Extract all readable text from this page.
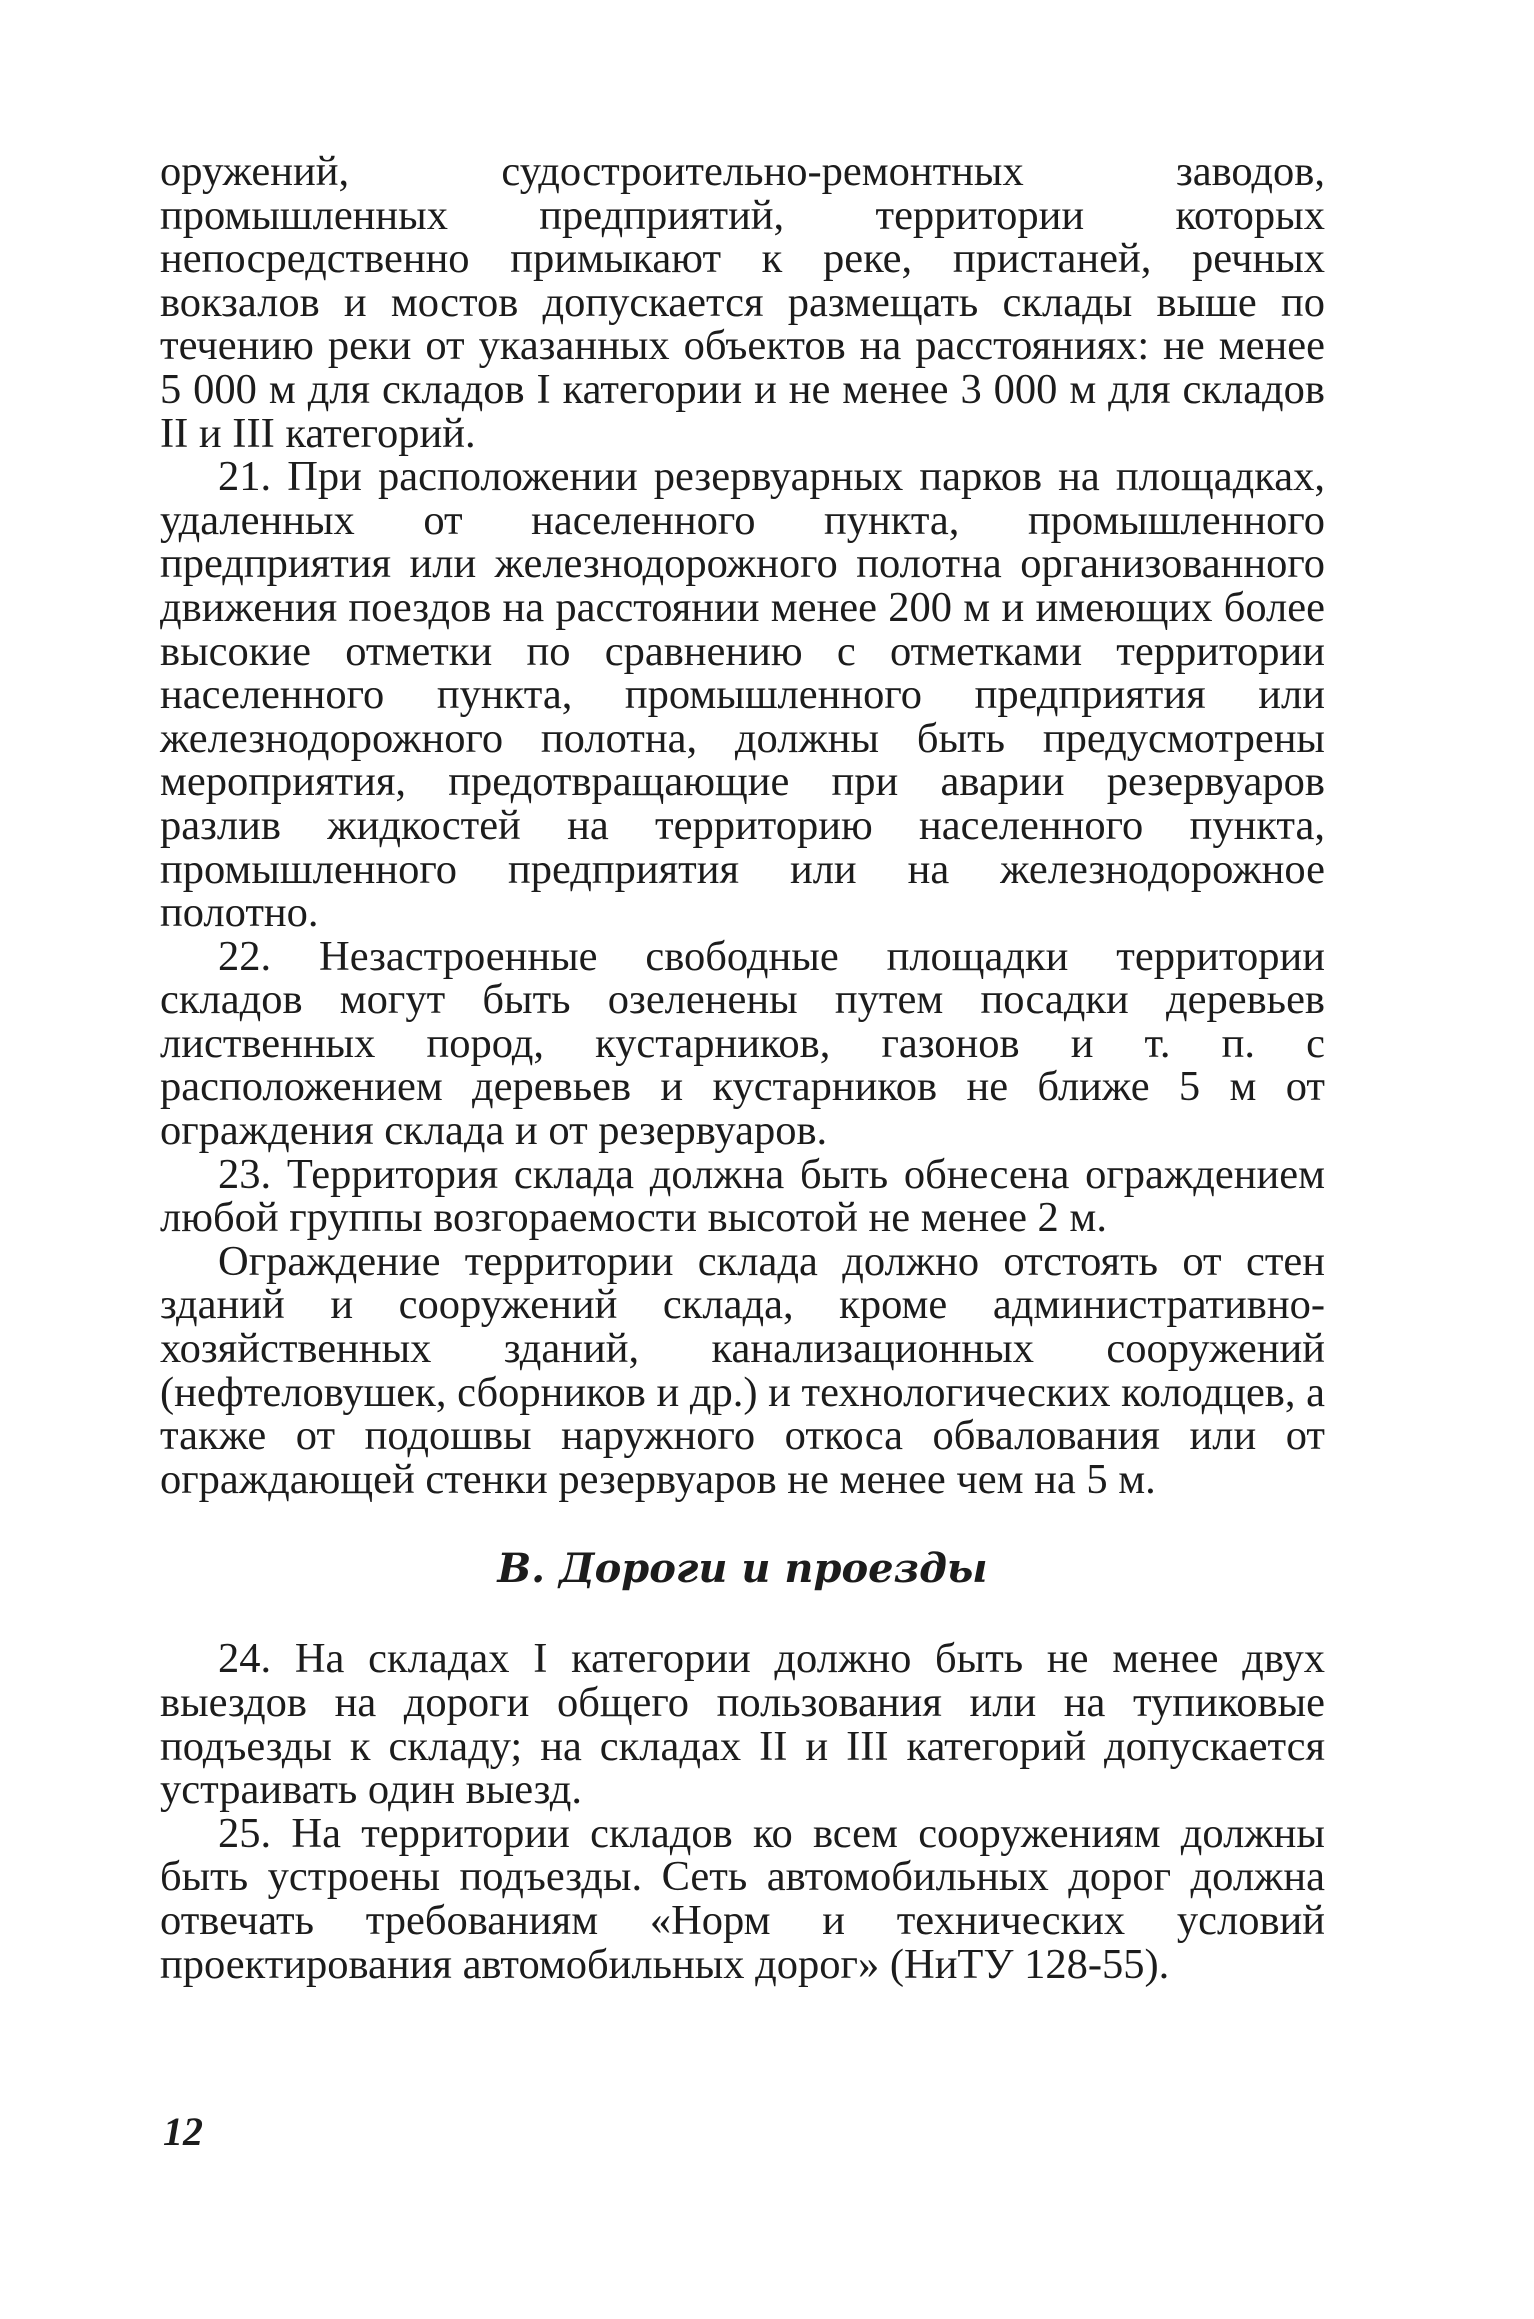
оружений, судостроительно-ремонтных заводов, промышленных предприятий, территории которых непосредственно примыкают к реке, пристаней, речных вокзалов и мостов допускается размещать склады выше по течению реки от указанных объектов на расстояниях: не менее 5 000 м для складов I категории и не менее 3 000 м для складов II и III категорий.

21. При расположении резервуарных парков на площадках, удаленных от населенного пункта, промышленного предприятия или железнодорожного полотна организованного движения поездов на расстоянии менее 200 м и имеющих более высокие отметки по сравнению с отметками территории населенного пункта, промышленного предприятия или железнодорожного полотна, должны быть предусмотрены мероприятия, предотвращающие при аварии резервуаров разлив жидкостей на территорию населенного пункта, промышленного предприятия или на железнодорожное полотно.

22. Незастроенные свободные площадки территории складов могут быть озеленены путем посадки деревьев лиственных пород, кустарников, газонов и т. п. с расположением деревьев и кустарников не ближе 5 м от ограждения склада и от резервуаров.

23. Территория склада должна быть обнесена ограждением любой группы возгораемости высотой не менее 2 м.

Ограждение территории склада должно отстоять от стен зданий и сооружений склада, кроме административно-хозяйственных зданий, канализационных сооружений (нефтеловушек, сборников и др.) и технологических колодцев, а также от подошвы наружного откоса обвалования или от ограждающей стенки резервуаров не менее чем на 5 м.

В. Дороги и проезды

24. На складах I категории должно быть не менее двух выездов на дороги общего пользования или на тупиковые подъезды к складу; на складах II и III категорий допускается устраивать один выезд.

25. На территории складов ко всем сооружениям должны быть устроены подъезды. Сеть автомобильных дорог должна отвечать требованиям «Норм и технических условий проектирования автомобильных дорог» (НиТУ 128-55).

12
